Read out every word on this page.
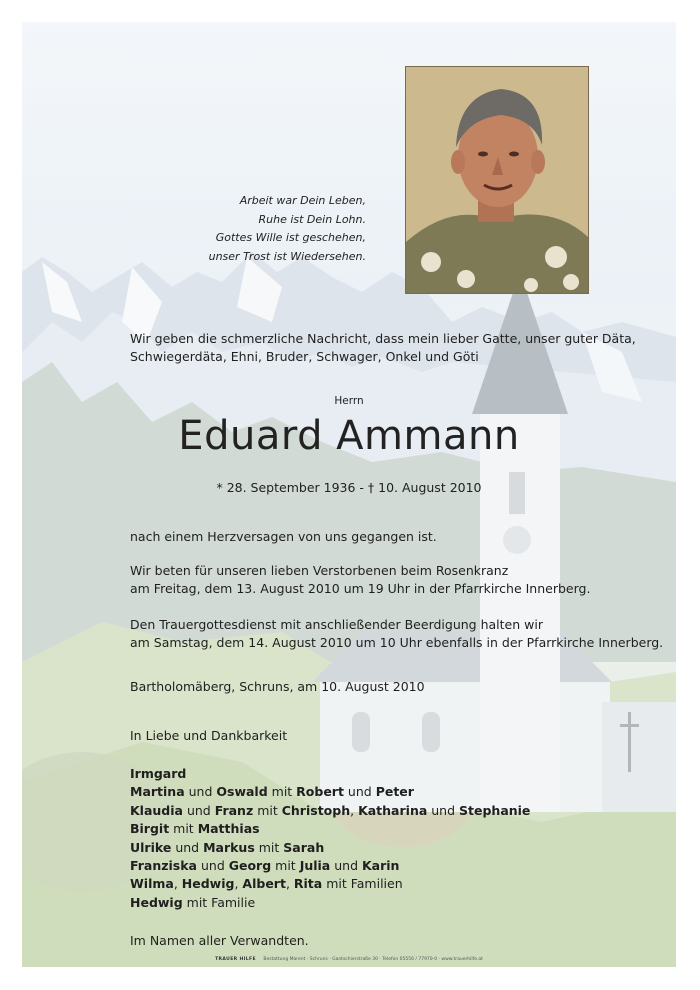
Arbeit war Dein Leben,
Ruhe ist Dein Lohn.
Gottes Wille ist geschehen,
unser Trost ist Wiedersehen.
Wir geben die schmerzliche Nachricht, dass mein lieber Gatte, unser guter Däta,
Schwiegerdäta, Ehni, Bruder, Schwager, Onkel und Göti
Herrn
Eduard Ammann
* 28. September 1936 - † 10. August 2010
nach einem Herzversagen von uns gegangen ist.
Wir beten für unseren lieben Verstorbenen beim Rosenkranz
am Freitag, dem 13. August 2010 um 19 Uhr in der Pfarrkirche Innerberg.
Den Trauergottesdienst mit anschließender Beerdigung halten wir
am Samstag, dem 14. August 2010 um 10 Uhr ebenfalls in der Pfarrkirche Innerberg.
Bartholomäberg, Schruns, am 10. August 2010
In Liebe und Dankbarkeit
Irmgard
Martina und Oswald mit Robert und Peter
Klaudia und Franz mit Christoph, Katharina und Stephanie
Birgit mit Matthias
Ulrike und Markus mit Sarah
Franziska und Georg mit Julia und Karin
Wilma, Hedwig, Albert, Rita mit Familien
Hedwig mit Familie
Im Namen aller Verwandten.
TRAUER HILFE Bestattung Marent · Schruns · Gantschierstraße 30 · Telefon 05556 / 77970-0 · www.trauerhilfe.at
